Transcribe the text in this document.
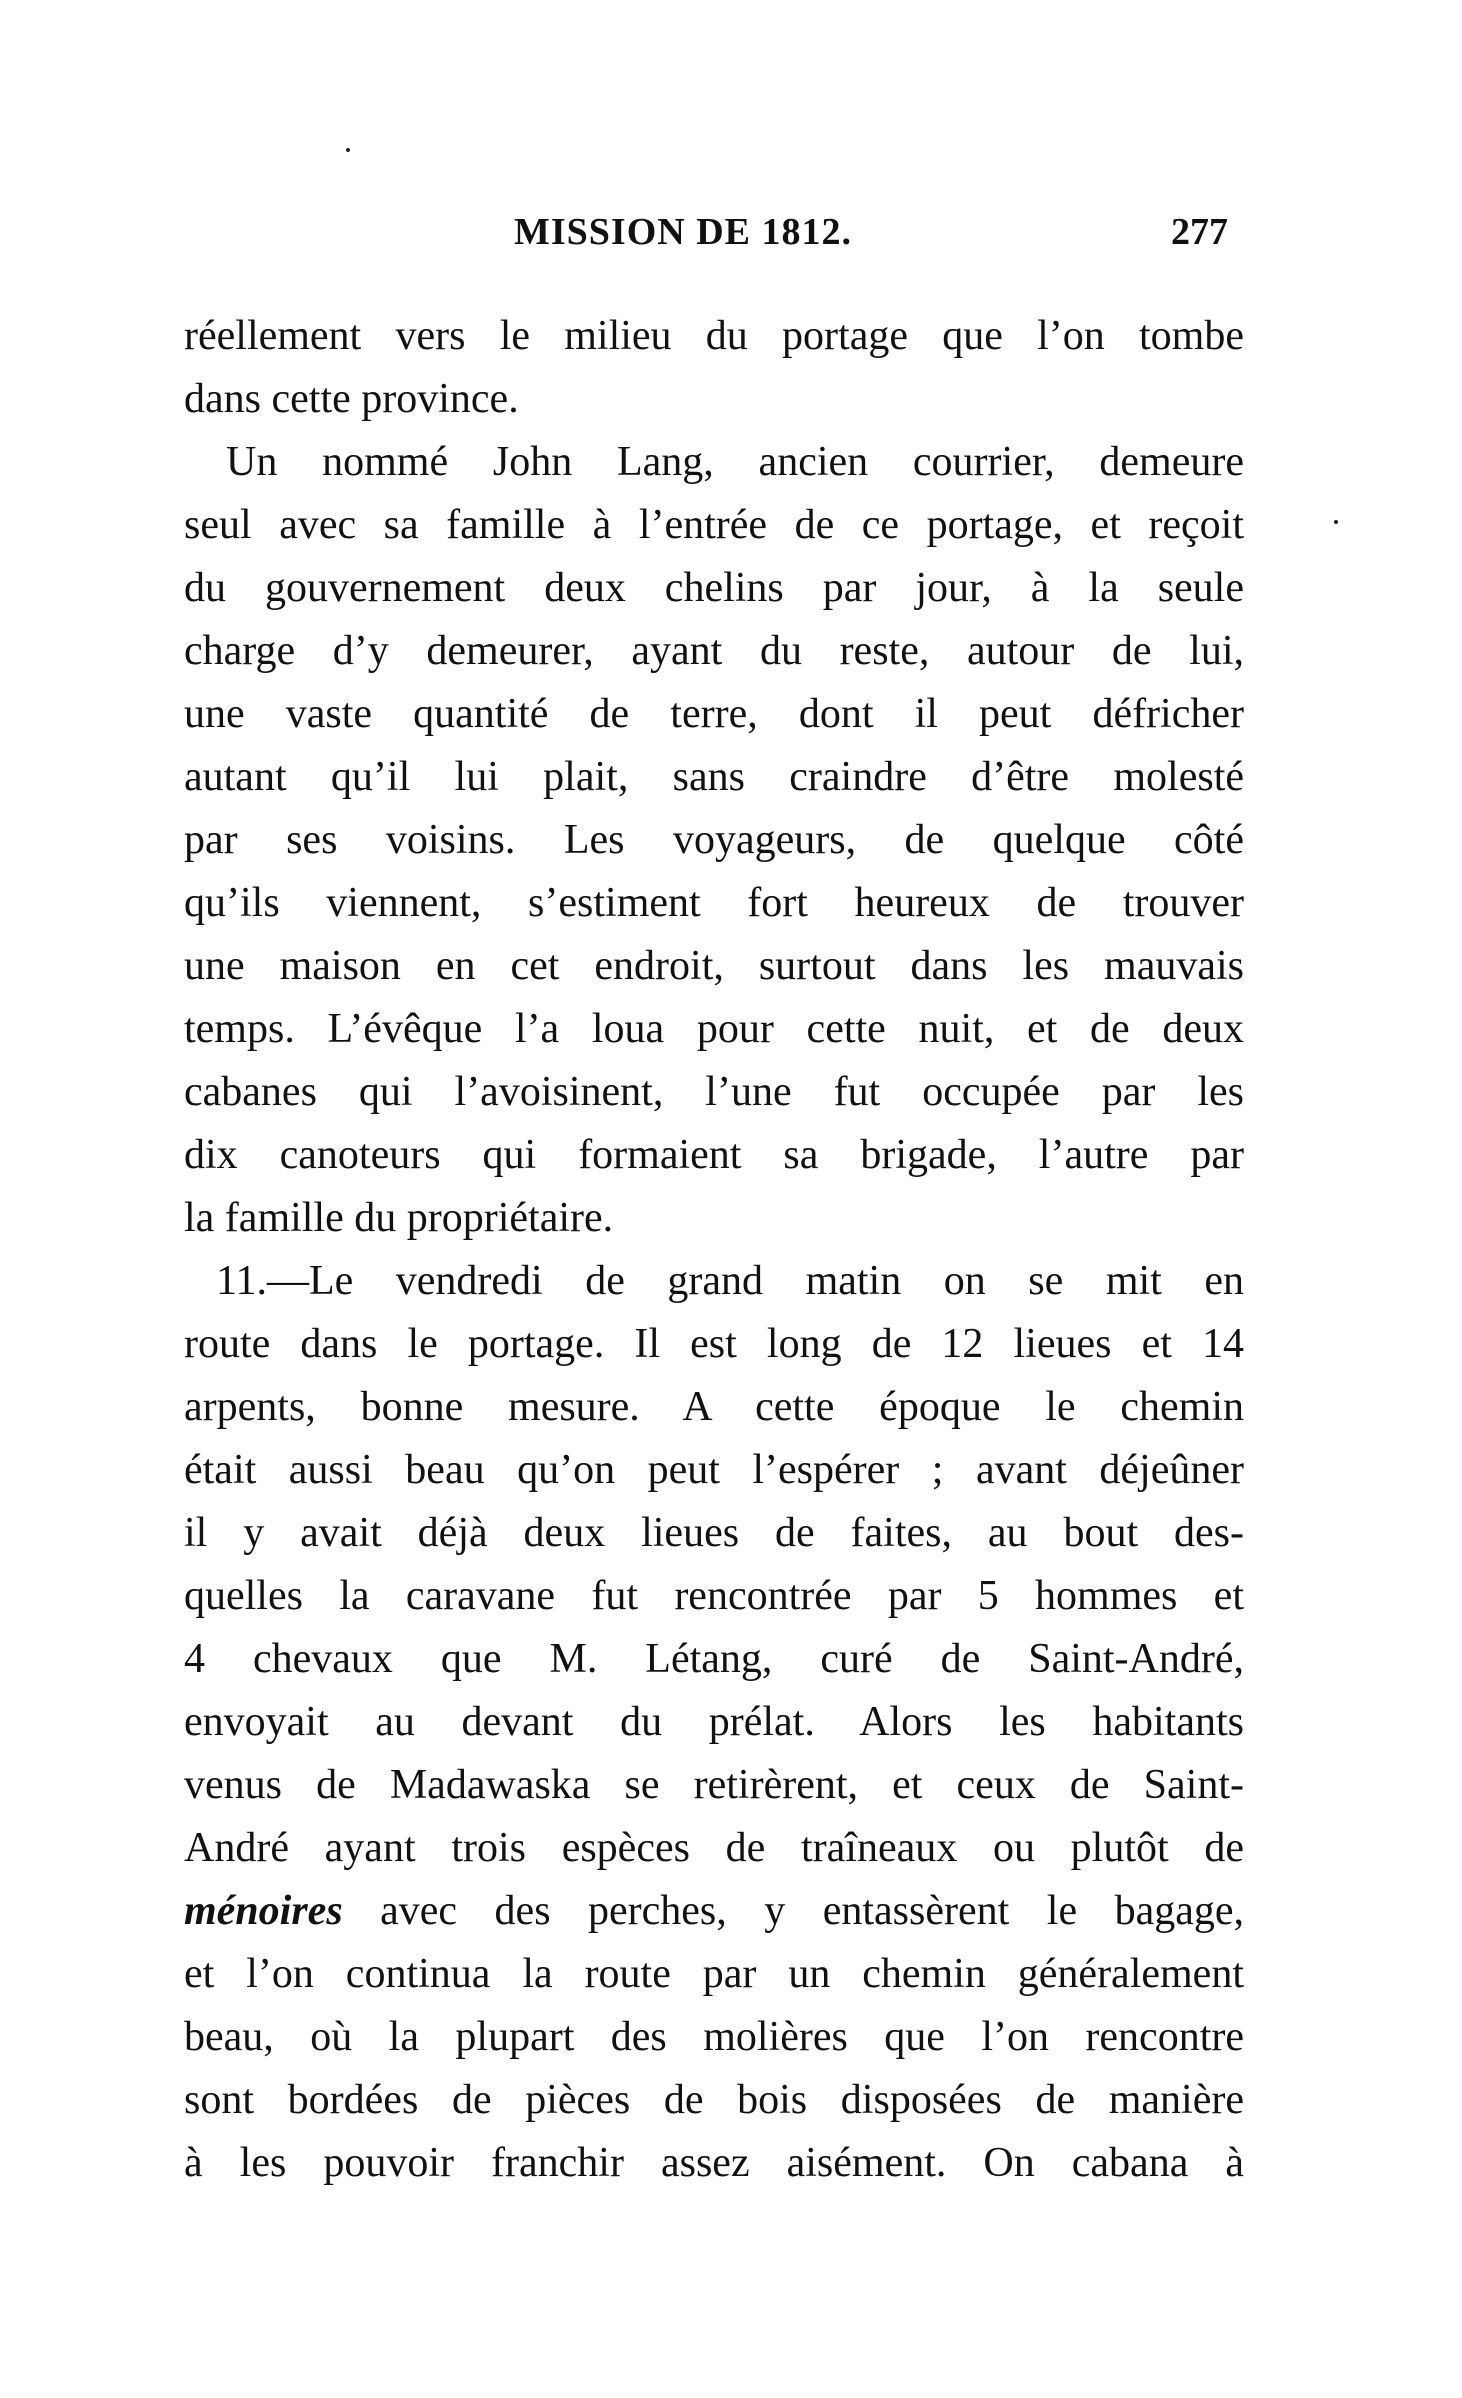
MISSION DE 1812.	277
réellement vers le milieu du portage que l’on tombe
dans cette province.
Un nommé John Lang, ancien courrier, demeure
seul avec sa famille à l’entrée de ce portage, et reçoit
du gouvernement deux chelins par jour, à la seule
charge d’y demeurer, ayant du reste, autour de lui,
une vaste quantité de terre, dont il peut défricher
autant qu’il lui plait, sans craindre d’être molesté
par ses voisins. Les voyageurs, de quelque côté
qu’ils viennent, s’estiment fort heureux de trouver
une maison en cet endroit, surtout dans les mauvais
temps. L’évêque l’a loua pour cette nuit, et de deux
cabanes qui l’avoisinent, l’une fut occupée par les
dix canoteurs qui formaient sa brigade, l’autre par
la famille du propriétaire.
11.—Le vendredi de grand matin on se mit en
route dans le portage. Il est long de 12 lieues et 14
arpents, bonne mesure. A cette époque le chemin
était aussi beau qu’on peut l’espérer ; avant déjeûner
il y avait déjà deux lieues de faites, au bout des-
quelles la caravane fut rencontrée par 5 hommes et
4 chevaux que M. Létang, curé de Saint-André,
envoyait au devant du prélat. Alors les habitants
venus de Madawaska se retirèrent, et ceux de Saint-
André ayant trois espèces de traîneaux ou plutôt de
ménoires avec des perches, y entassèrent le bagage,
et l’on continua la route par un chemin généralement
beau, où la plupart des molières que l’on rencontre
sont bordées de pièces de bois disposées de manière
à les pouvoir franchir assez aisément. On cabana à
